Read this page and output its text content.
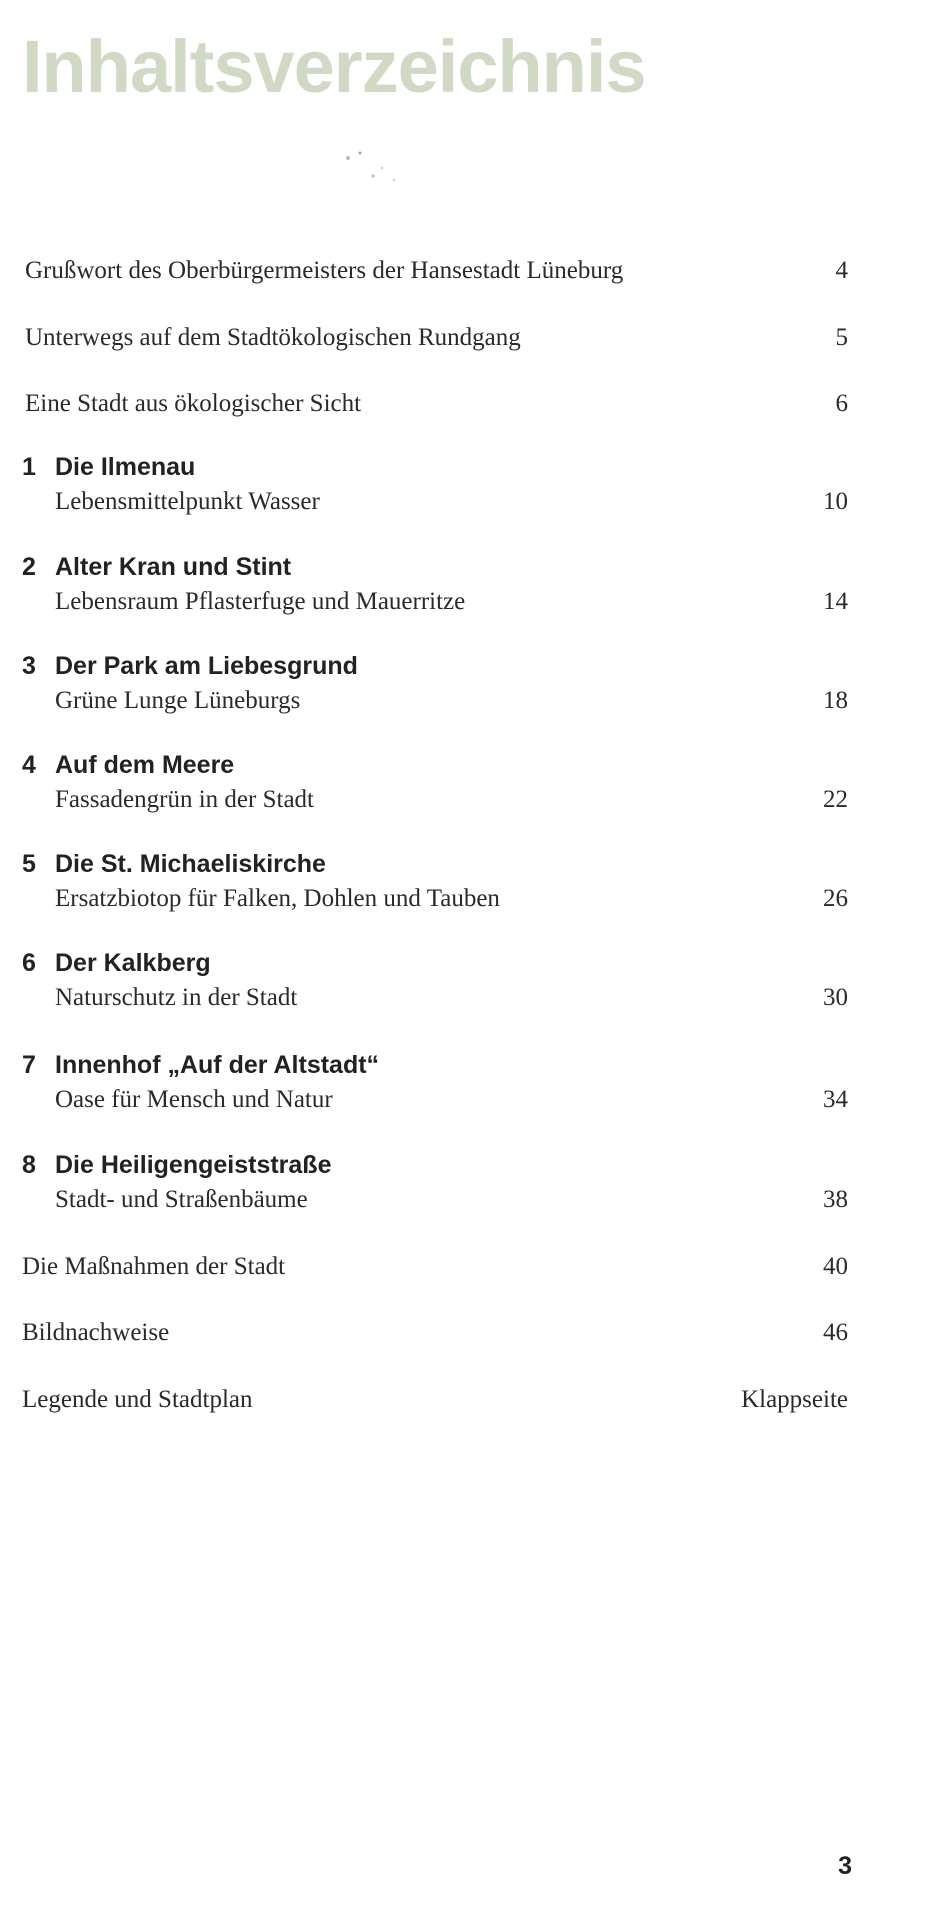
Inhaltsverzeichnis
Grußwort des Oberbürgermeisters der Hansestadt Lüneburg	4
Unterwegs auf dem Stadtökologischen Rundgang	5
Eine Stadt aus ökologischer Sicht	6
1 Die Ilmenau
Lebensmittelpunkt Wasser	10
2 Alter Kran und Stint
Lebensraum Pflasterfuge und Mauerritze	14
3 Der Park am Liebesgrund
Grüne Lunge Lüneburgs	18
4 Auf dem Meere
Fassadengrün in der Stadt	22
5 Die St. Michaeliskirche
Ersatzbiotop für Falken, Dohlen und Tauben	26
6 Der Kalkberg
Naturschutz in der Stadt	30
7 Innenhof „Auf der Altstadt“
Oase für Mensch und Natur	34
8 Die Heiligengeiststraße
Stadt- und Straßenbäume	38
Die Maßnahmen der Stadt	40
Bildnachweise	46
Legende und Stadtplan	Klappseite
3
